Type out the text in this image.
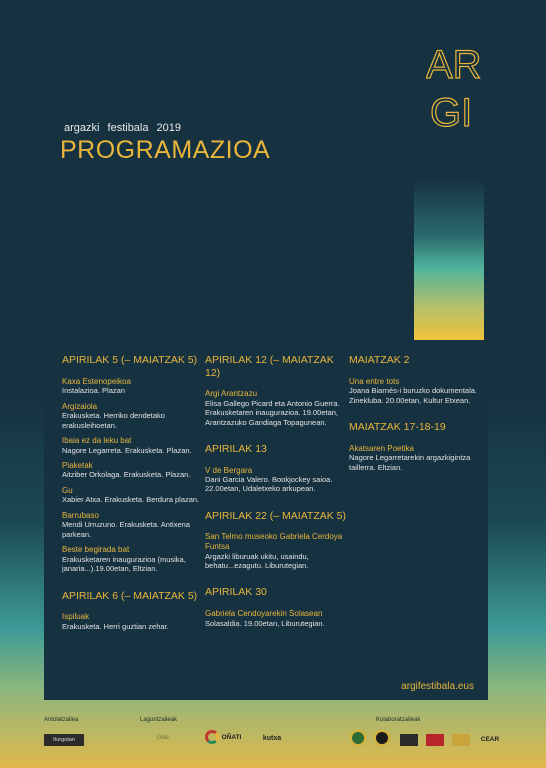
AR
GI
argazki festibala 2019
PROGRAMAZIOA
APIRILAK 5 (– MAIATZAK 5)
Kaxa Estenopeikoa
Instalazioa. Plazan
Argizaiola
Erakusketa. Herriko dendetako erakusleihoetan.
Ibaia ez da leku bat
Nagore Legarreta. Erakusketa. Plazan.
Piaketak
Aitziber Orkolaga. Erakusketa. Plazan.
Gu
Xabier Atxa. Erakusketa. Berdura plazan.
Barrubaso
Mendi Urruzuno. Erakusketa. Antixena parkean.
Beste begirada bat
Erakusketaren inaugurazioa (musika, janaria...).19.00etan, Eltzian.
APIRILAK 6 (– MAIATZAK 5)
Ispiluak
Erakusketa. Herri guztian zehar.
APIRILAK 12 (– MAIATZAK 12)
Argi Arantzazu
Elisa Gallego Picard eta Antonio Guerra. Erakusketaren inaugurazioa. 19.00etan, Arantzazuko Gandiaga Topagunean.
APIRILAK 13
V de Bergara
Dani Garcia Valero. Bookjockey saioa. 22.00etan, Udaletxeko arkupean.
APIRILAK 22 (– MAIATZAK 5)
San Telmo museoko Gabriela Cerdoya Funtsa
Argazki liburuak ukitu, usaindu, behatu...ezagutu. Liburutegian.
APIRILAK 30
Gabriela Cendoyarekin Solasean
Solasaldia. 19.00etan, Liburutegian.
MAIATZAK 2
Una entre tots
Joana Biarnés-i buruzko dokumentala. Zinekluba. 20.00etan, Kultur Etxean.
MAIATZAK 17-18-19
Akatsaren Poetika
Nagore Legarretarekin argazkigintza taillerra. Eltzian.
argifestibala.eus
Antolatzailea	Laguntzaileak	Kolaboratzaileak
Iturgotan	Goiz	OÑATI	kutxa	CEAR
